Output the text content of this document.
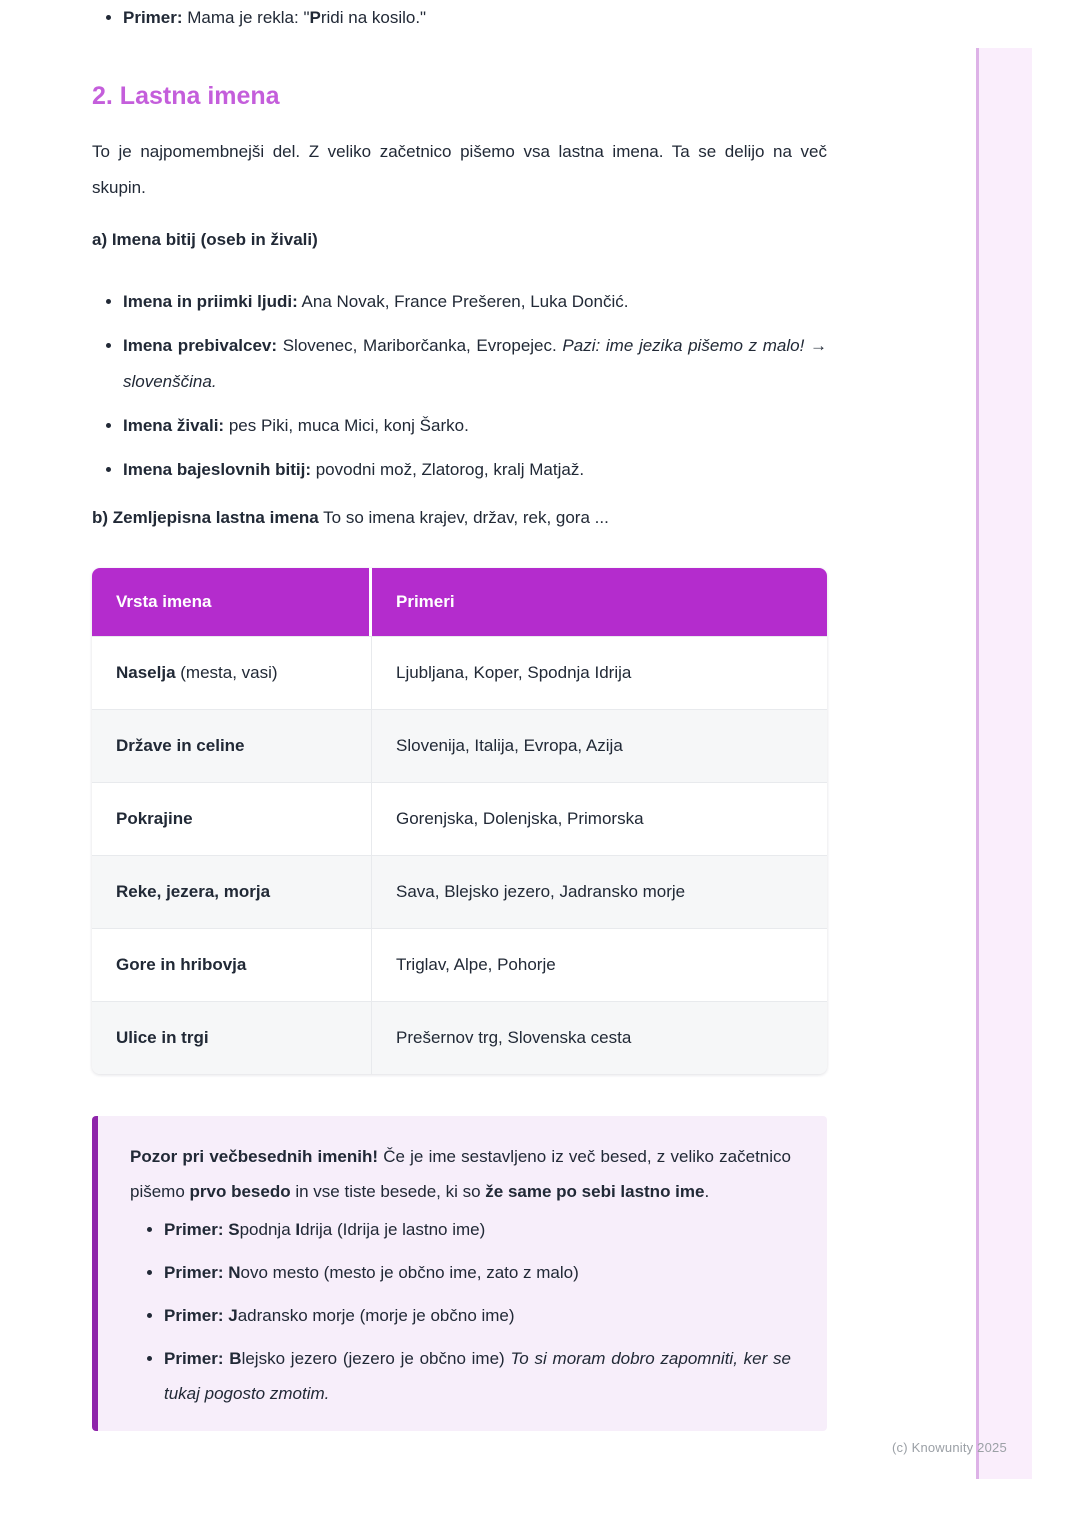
(c) Knowunity 2025
• Primer: Mama je rekla: "Pridi na kosilo."
2. Lastna imena

To je najpomembnejši del. Z veliko začetnico pišemo vsa lastna imena. Ta se delijo na več skupin.

a) Imena bitij (oseb in živali)
• Imena in priimki ljudi: Ana Novak, France Prešeren, Luka Dončić.
• Imena prebivalcev: Slovenec, Mariborčanka, Evropejec. Pazi: ime jezika pišemo z malo! → slovenščina.
• Imena živali: pes Piki, muca Mici, konj Šarko.
• Imena bajeslovnih bitij: povodni mož, Zlatorog, kralj Matjaž.

b) Zemljepisna lastna imena To so imena krajev, držav, rek, gora ...

Vrsta imena	Primeri
Naselja (mesta, vasi)	Ljubljana, Koper, Spodnja Idrija
Države in celine	Slovenija, Italija, Evropa, Azija
Pokrajine	Gorenjska, Dolenjska, Primorska
Reke, jezera, morja	Sava, Blejsko jezero, Jadransko morje
Gore in hribovja	Triglav, Alpe, Pohorje
Ulice in trgi	Prešernov trg, Slovenska cesta

Pozor pri večbesednih imenih! Če je ime sestavljeno iz več besed, z veliko začetnico pišemo prvo besedo in vse tiste besede, ki so že same po sebi lastno ime.

• Primer: Spodnja Idrija (Idrija je lastno ime)
• Primer: Novo mesto (mesto je občno ime, zato z malo)
• Primer: Jadransko morje (morje je občno ime)
• Primer: Blejsko jezero (jezero je občno ime) To si moram dobro zapomniti, ker se tukaj pogosto zmotim.
